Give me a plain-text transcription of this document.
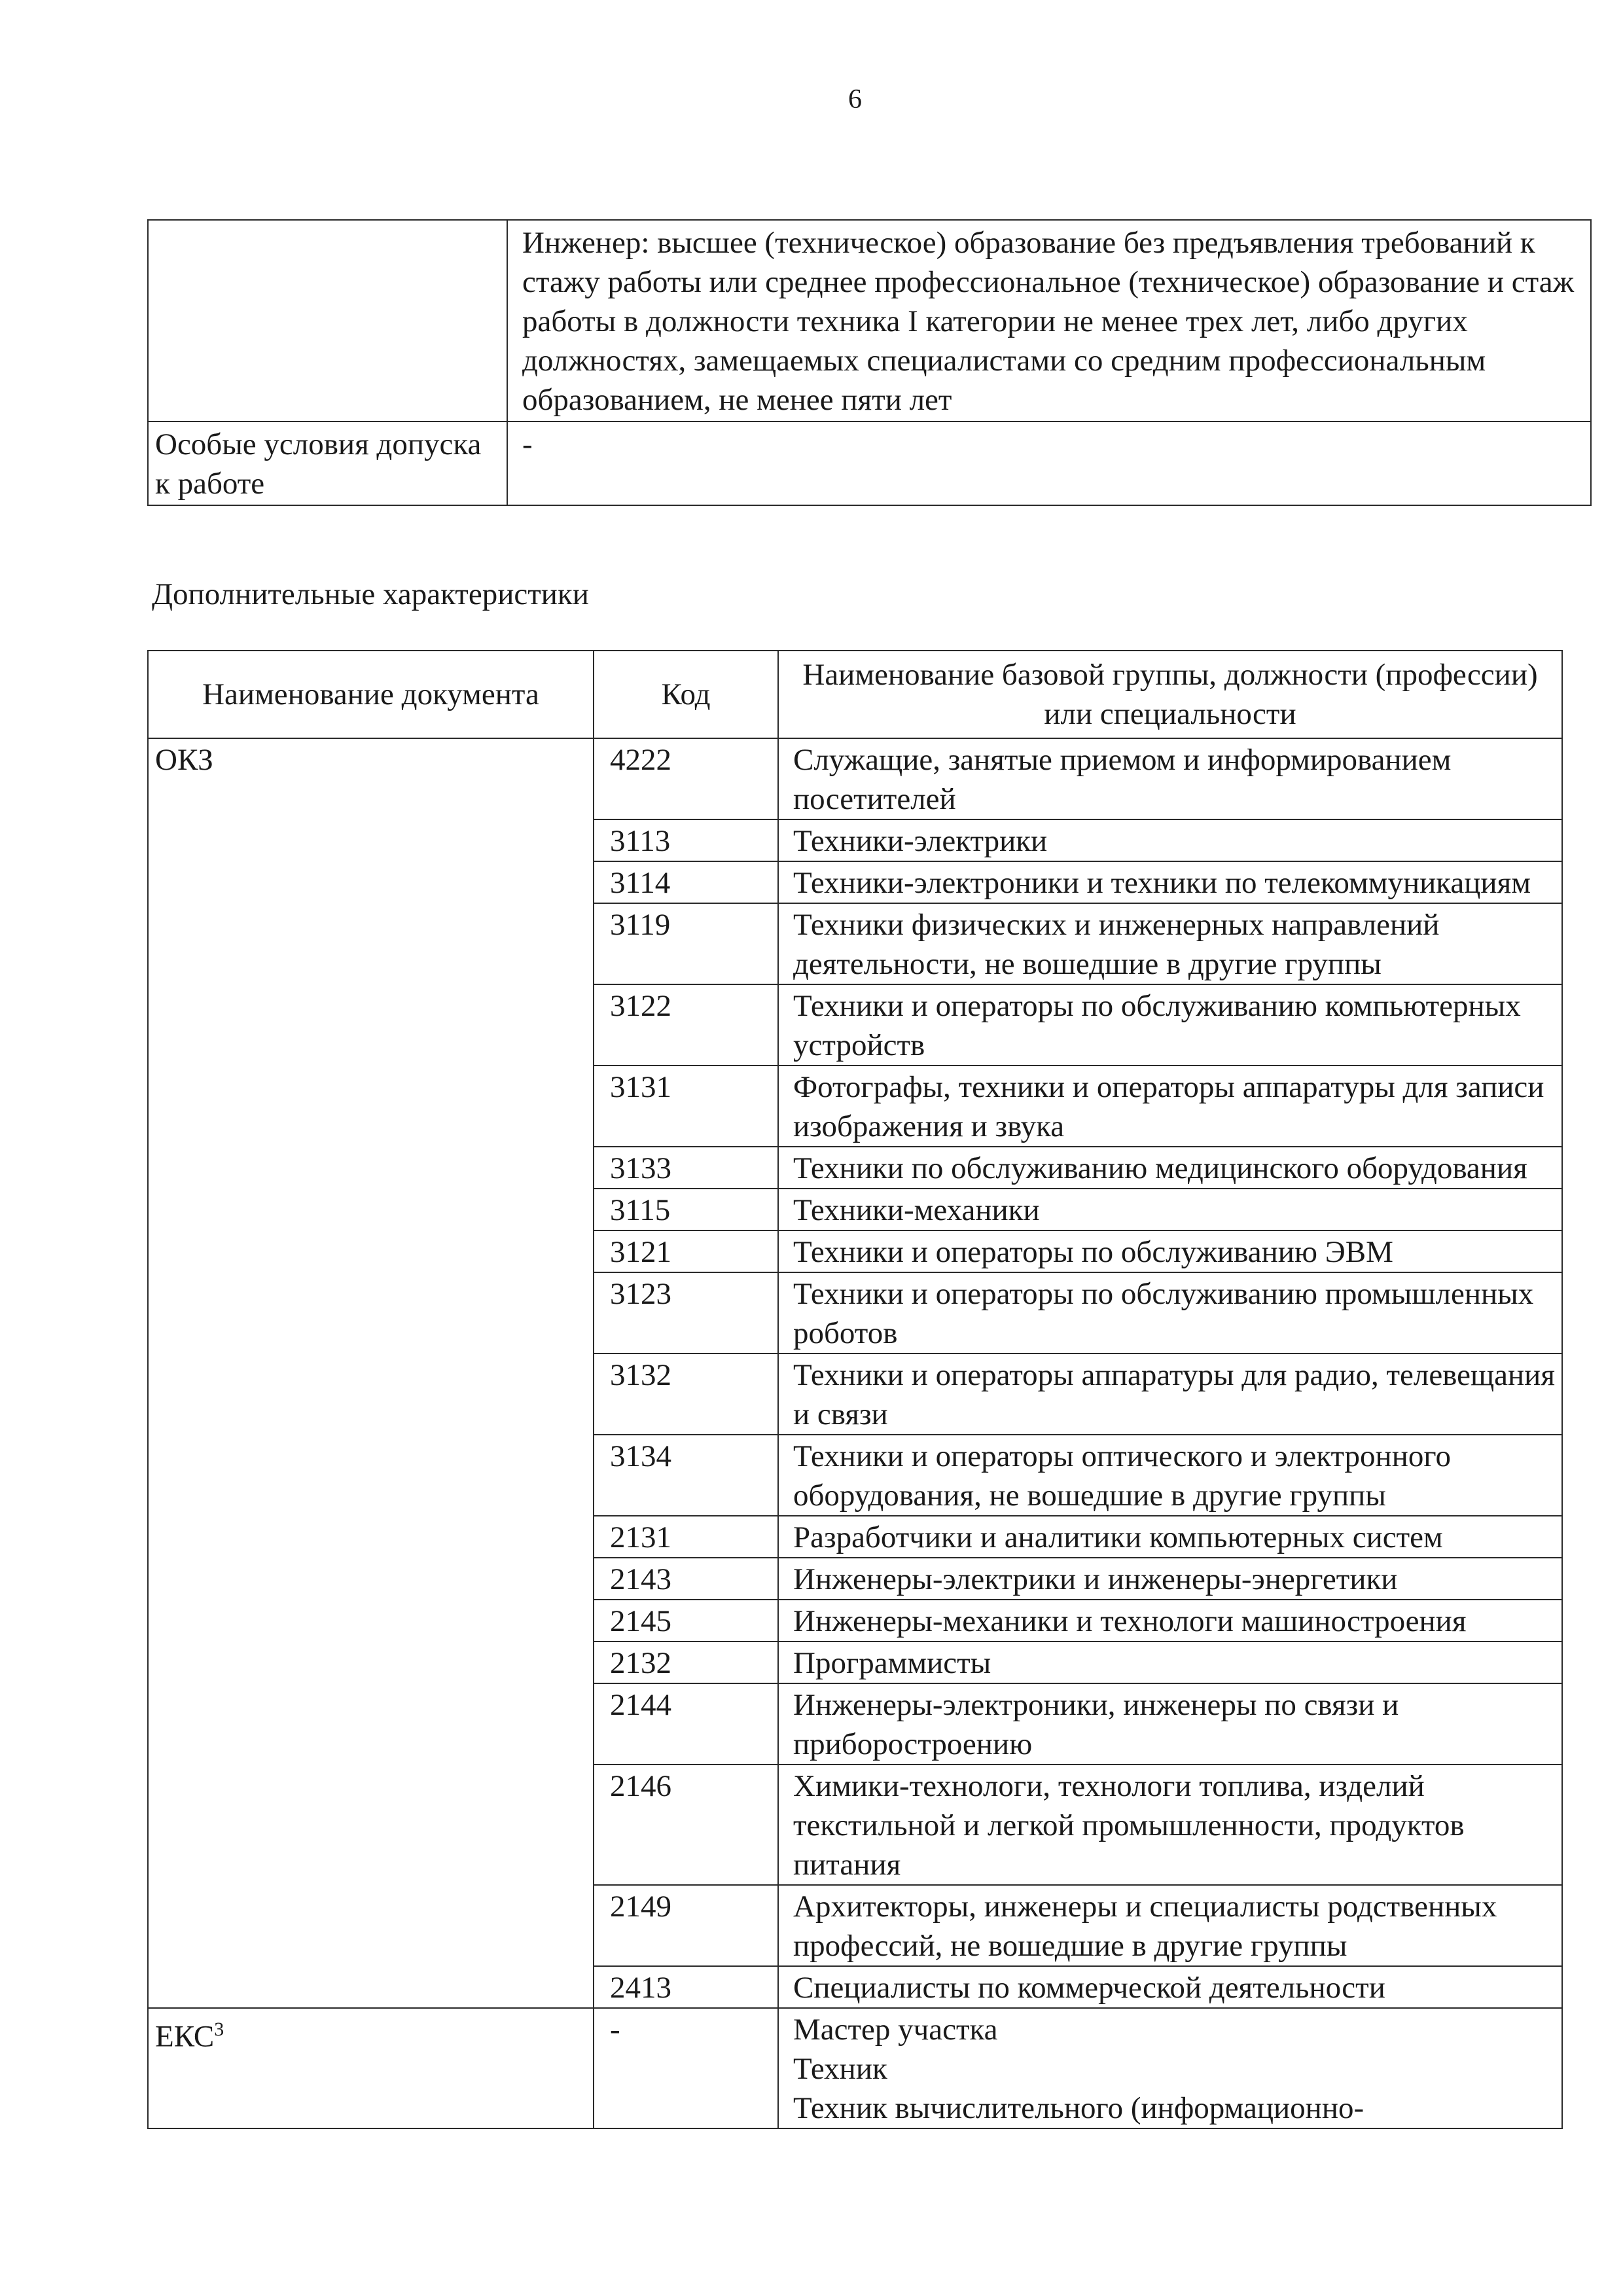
6
	Инженер: высшее (техническое) образование без предъявления требований к стажу работы или среднее профессиональное (техническое) образование и стаж работы в должности техника I категории не менее трех лет, либо других должностях, замещаемых специалистами со средним профессиональным образованием, не менее пяти лет
Особые условия допуска к работе	-
Дополнительные характеристики
Наименование документа	Код	Наименование базовой группы, должности (профессии) или специальности
ОКЗ	4222	Служащие, занятые приемом и информированием посетителей
	3113	Техники-электрики
	3114	Техники-электроники и техники по телекоммуникациям
	3119	Техники физических и инженерных направлений деятельности, не вошедшие в другие группы
	3122	Техники и операторы по обслуживанию компьютерных устройств
	3131	Фотографы, техники и операторы аппаратуры для записи изображения и звука
	3133	Техники по обслуживанию медицинского оборудования
	3115	Техники-механики
	3121	Техники и операторы по обслуживанию ЭВМ
	3123	Техники и операторы по обслуживанию промышленных роботов
	3132	Техники и операторы аппаратуры для радио, телевещания и связи
	3134	Техники и операторы оптического и электронного оборудования, не вошедшие в другие группы
	2131	Разработчики и аналитики компьютерных систем
	2143	Инженеры-электрики и инженеры-энергетики
	2145	Инженеры-механики и технологи машиностроения
	2132	Программисты
	2144	Инженеры-электроники, инженеры по связи и приборостроению
	2146	Химики-технологи, технологи топлива, изделий текстильной и легкой промышленности, продуктов питания
	2149	Архитекторы, инженеры и специалисты родственных профессий, не вошедшие в другие группы
	2413	Специалисты по коммерческой деятельности
ЕКС$^3$	-	Мастер участка
Техник
Техник вычислительного (информационно-
